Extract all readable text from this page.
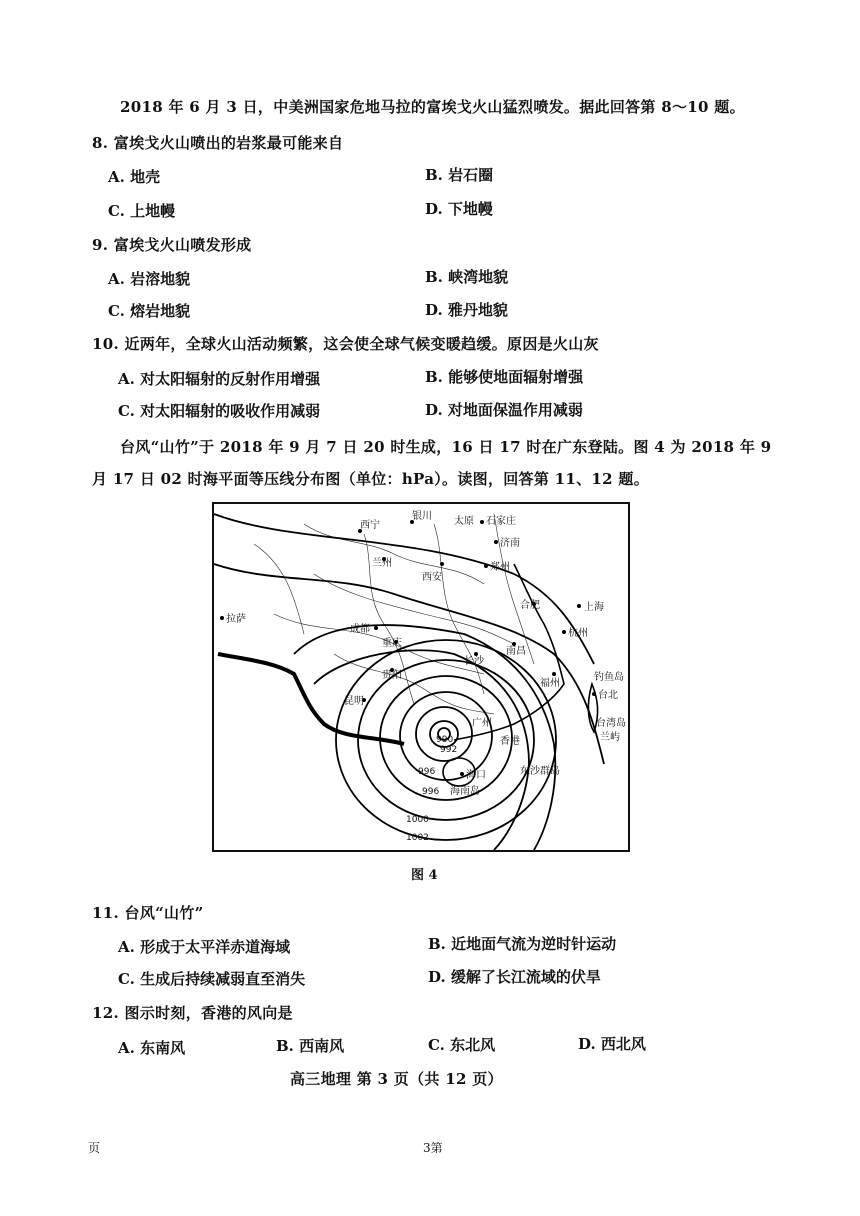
2018 年 6 月 3 日，中美洲国家危地马拉的富埃戈火山猛烈喷发。据此回答第 8～10 题。
8. 富埃戈火山喷出的岩浆最可能来自
A. 地壳	B. 岩石圈
C. 上地幔	D. 下地幔
9. 富埃戈火山喷发形成
A. 岩溶地貌	B. 峡湾地貌
C. 熔岩地貌	D. 雅丹地貌
10. 近两年，全球火山活动频繁，这会使全球气候变暖趋缓。原因是火山灰
A. 对太阳辐射的反射作用增强	B. 能够使地面辐射增强
C. 对太阳辐射的吸收作用减弱	D. 对地面保温作用减弱
台风“山竹”于 2018 年 9 月 7 日 20 时生成，16 日 17 时在广东登陆。图 4 为 2018 年 9
月 17 日 02 时海平面等压线分布图（单位：hPa）。读图，回答第 11、12 题。
西宁
银川 太原 石家庄
济南
兰州
西安
郑州
合肥	上海
杭州
拉萨
成都
重庆
长沙
南昌
福州
台北
钓鱼岛
台湾岛
兰屿
昆明
贵阳
海口
海南岛
东沙群岛
广州
香港
990
992
996
996
1000
1002
图 4
11. 台风“山竹”
A. 形成于太平洋赤道海域	B. 近地面气流为逆时针运动
C. 生成后持续减弱直至消失	D. 缓解了长江流域的伏旱
12. 图示时刻，香港的风向是
A. 东南风	B. 西南风	C. 东北风	D. 西北风
高三地理 第 3 页（共 12 页）
页	3第
